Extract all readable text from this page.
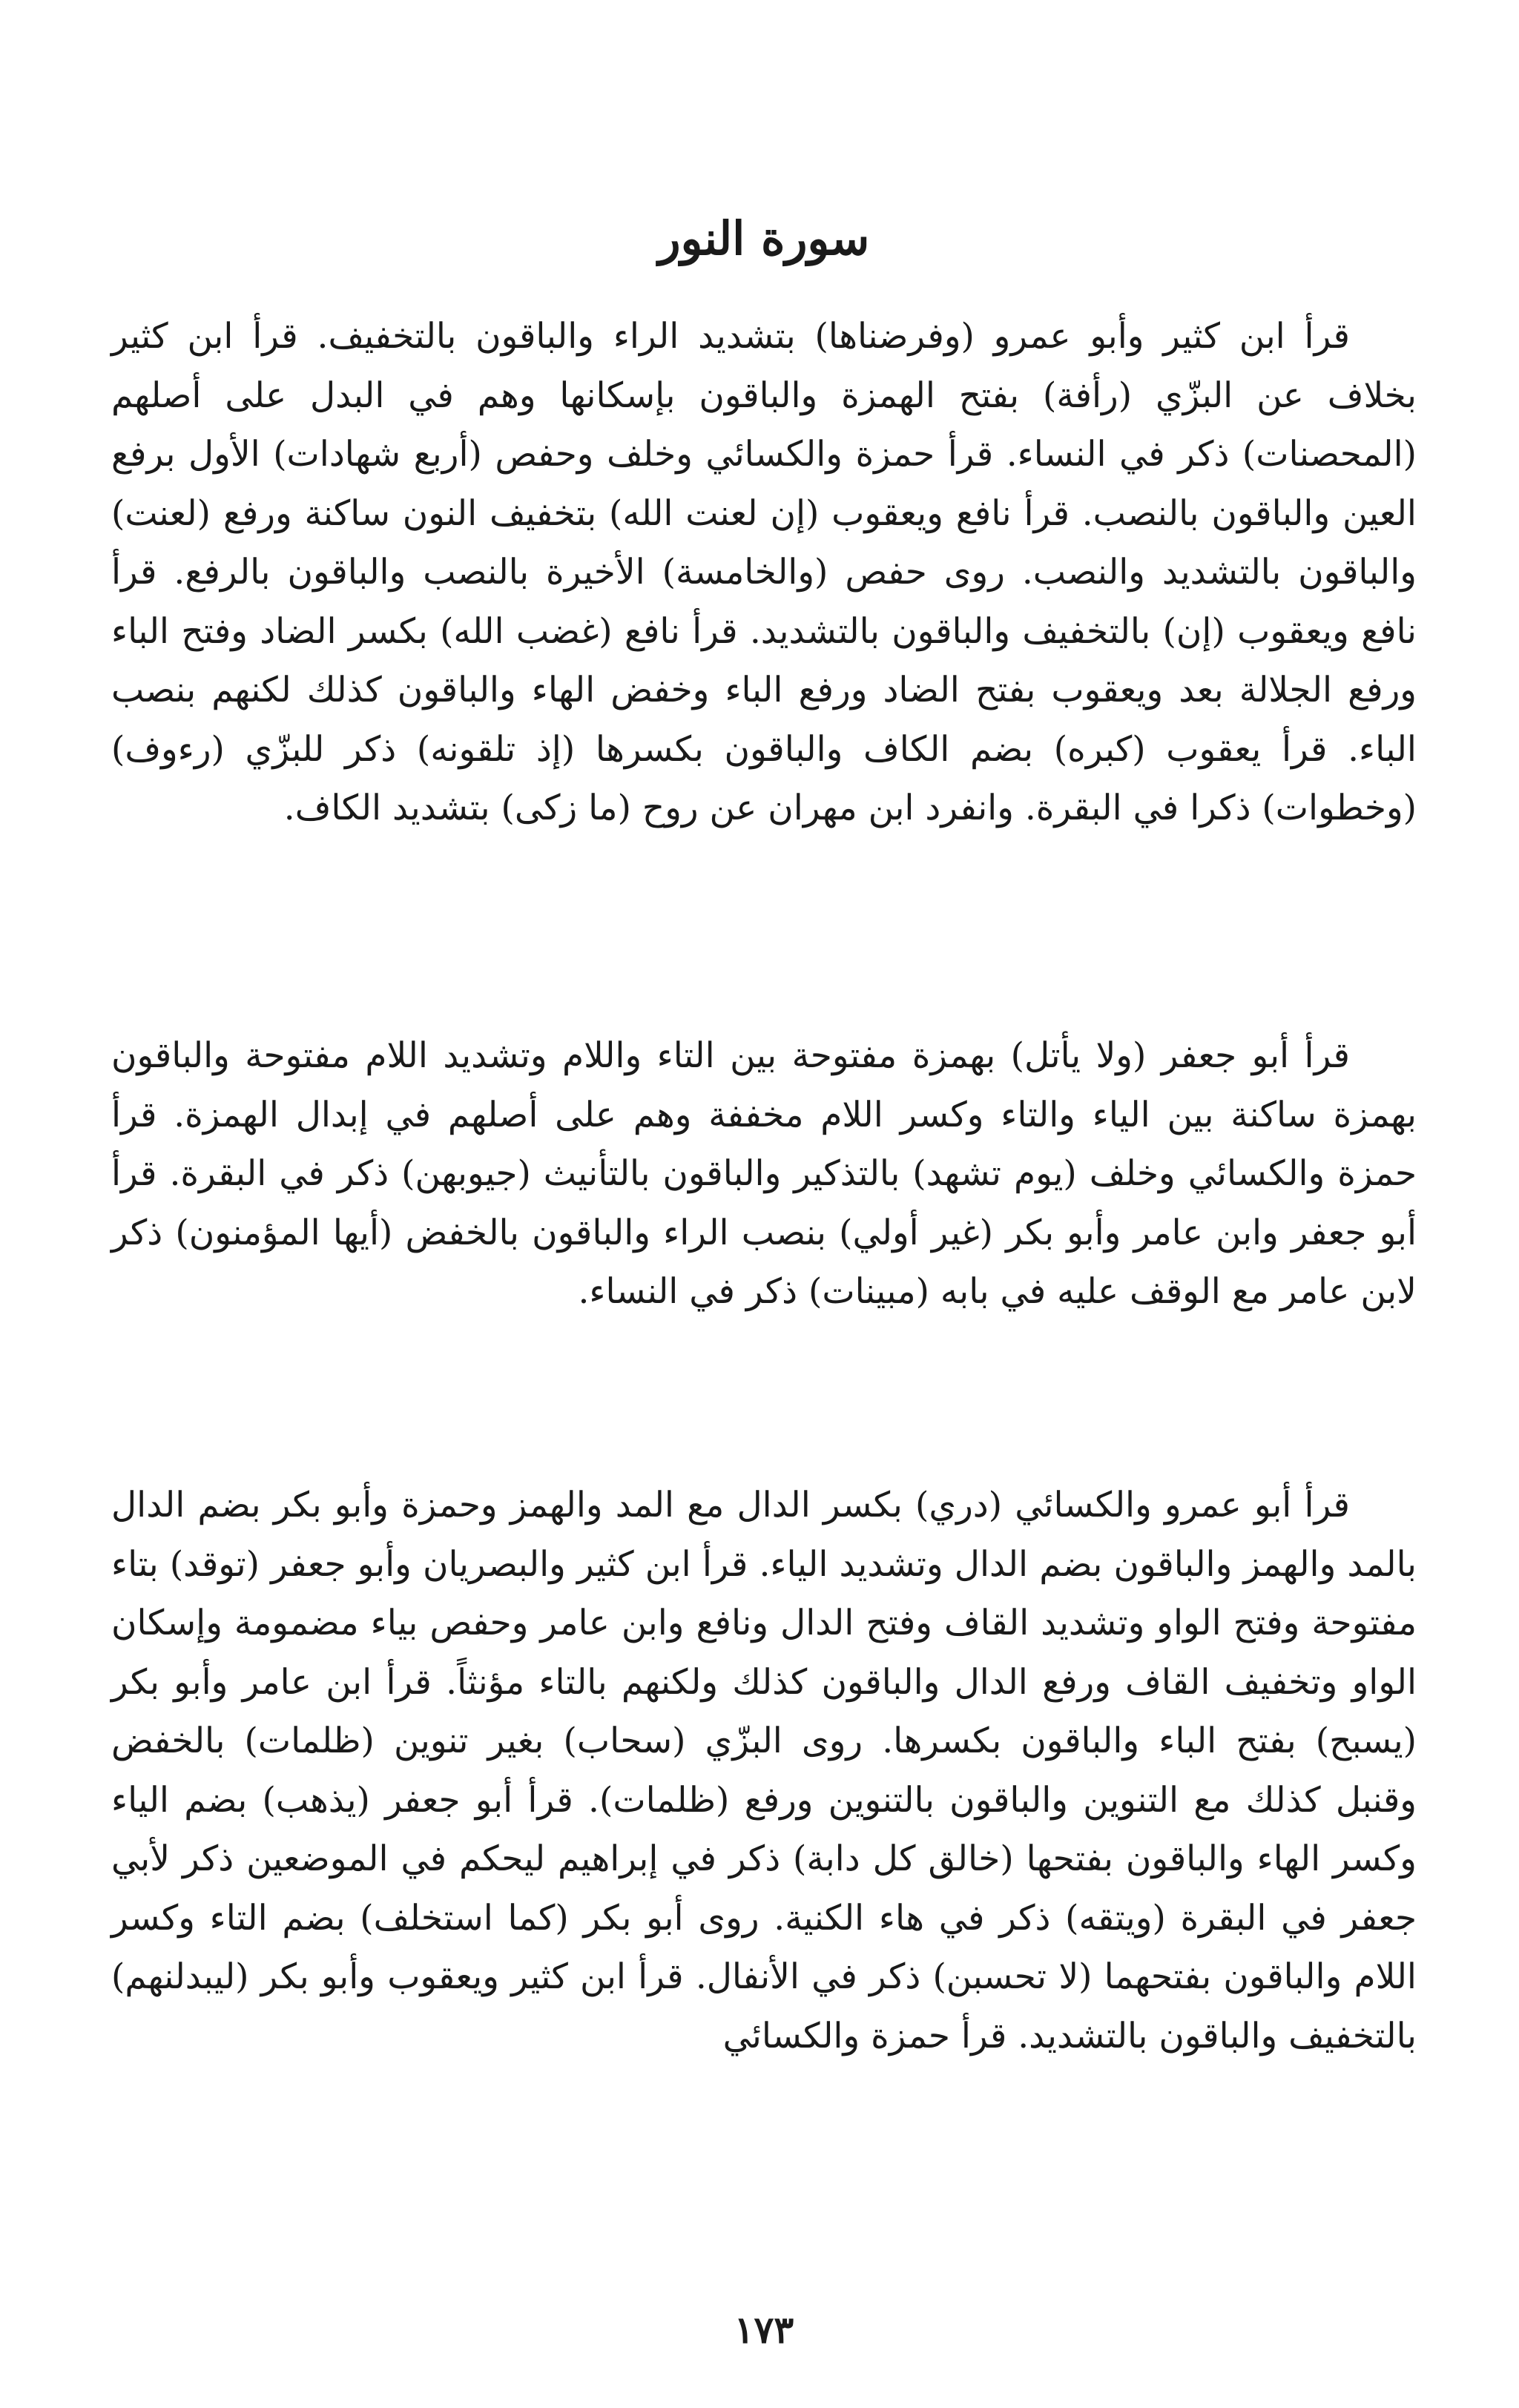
سورة النور

قرأ ابن كثير وأبو عمرو (وفرضناها) بتشديد الراء والباقون بالتخفيف. قرأ ابن كثير بخلاف عن البزّي (رأفة) بفتح الهمزة والباقون بإسكانها وهم في البدل على أصلهم (المحصنات) ذكر في النساء. قرأ حمزة والكسائي وخلف وحفص (أربع شهادات) الأول برفع العين والباقون بالنصب. قرأ نافع ويعقوب (إن لعنت الله) بتخفيف النون ساكنة ورفع (لعنت) والباقون بالتشديد والنصب. روى حفص (والخامسة) الأخيرة بالنصب والباقون بالرفع. قرأ نافع ويعقوب (إن) بالتخفيف والباقون بالتشديد. قرأ نافع (غضب الله) بكسر الضاد وفتح الباء ورفع الجلالة بعد ويعقوب بفتح الضاد ورفع الباء وخفض الهاء والباقون كذلك لكنهم بنصب الباء. قرأ يعقوب (كبره) بضم الكاف والباقون بكسرها (إذ تلقونه) ذكر للبزّي (رءوف) (وخطوات) ذكرا في البقرة. وانفرد ابن مهران عن روح (ما زكى) بتشديد الكاف.

قرأ أبو جعفر (ولا يأتل) بهمزة مفتوحة بين التاء واللام وتشديد اللام مفتوحة والباقون بهمزة ساكنة بين الياء والتاء وكسر اللام مخففة وهم على أصلهم في إبدال الهمزة. قرأ حمزة والكسائي وخلف (يوم تشهد) بالتذكير والباقون بالتأنيث (جيوبهن) ذكر في البقرة. قرأ أبو جعفر وابن عامر وأبو بكر (غير أولي) بنصب الراء والباقون بالخفض (أيها المؤمنون) ذكر لابن عامر مع الوقف عليه في بابه (مبينات) ذكر في النساء.

قرأ أبو عمرو والكسائي (دري) بكسر الدال مع المد والهمز وحمزة وأبو بكر بضم الدال بالمد والهمز والباقون بضم الدال وتشديد الياء. قرأ ابن كثير والبصريان وأبو جعفر (توقد) بتاء مفتوحة وفتح الواو وتشديد القاف وفتح الدال ونافع وابن عامر وحفص بياء مضمومة وإسكان الواو وتخفيف القاف ورفع الدال والباقون كذلك ولكنهم بالتاء مؤنثاً. قرأ ابن عامر وأبو بكر (يسبح) بفتح الباء والباقون بكسرها. روى البزّي (سحاب) بغير تنوين (ظلمات) بالخفض وقنبل كذلك مع التنوين والباقون بالتنوين ورفع (ظلمات). قرأ أبو جعفر (يذهب) بضم الياء وكسر الهاء والباقون بفتحها (خالق كل دابة) ذكر في إبراهيم ليحكم في الموضعين ذكر لأبي جعفر في البقرة (ويتقه) ذكر في هاء الكنية. روى أبو بكر (كما استخلف) بضم التاء وكسر اللام والباقون بفتحهما (لا تحسبن) ذكر في الأنفال. قرأ ابن كثير ويعقوب وأبو بكر (ليبدلنهم) بالتخفيف والباقون بالتشديد. قرأ حمزة والكسائي

١٧٣
